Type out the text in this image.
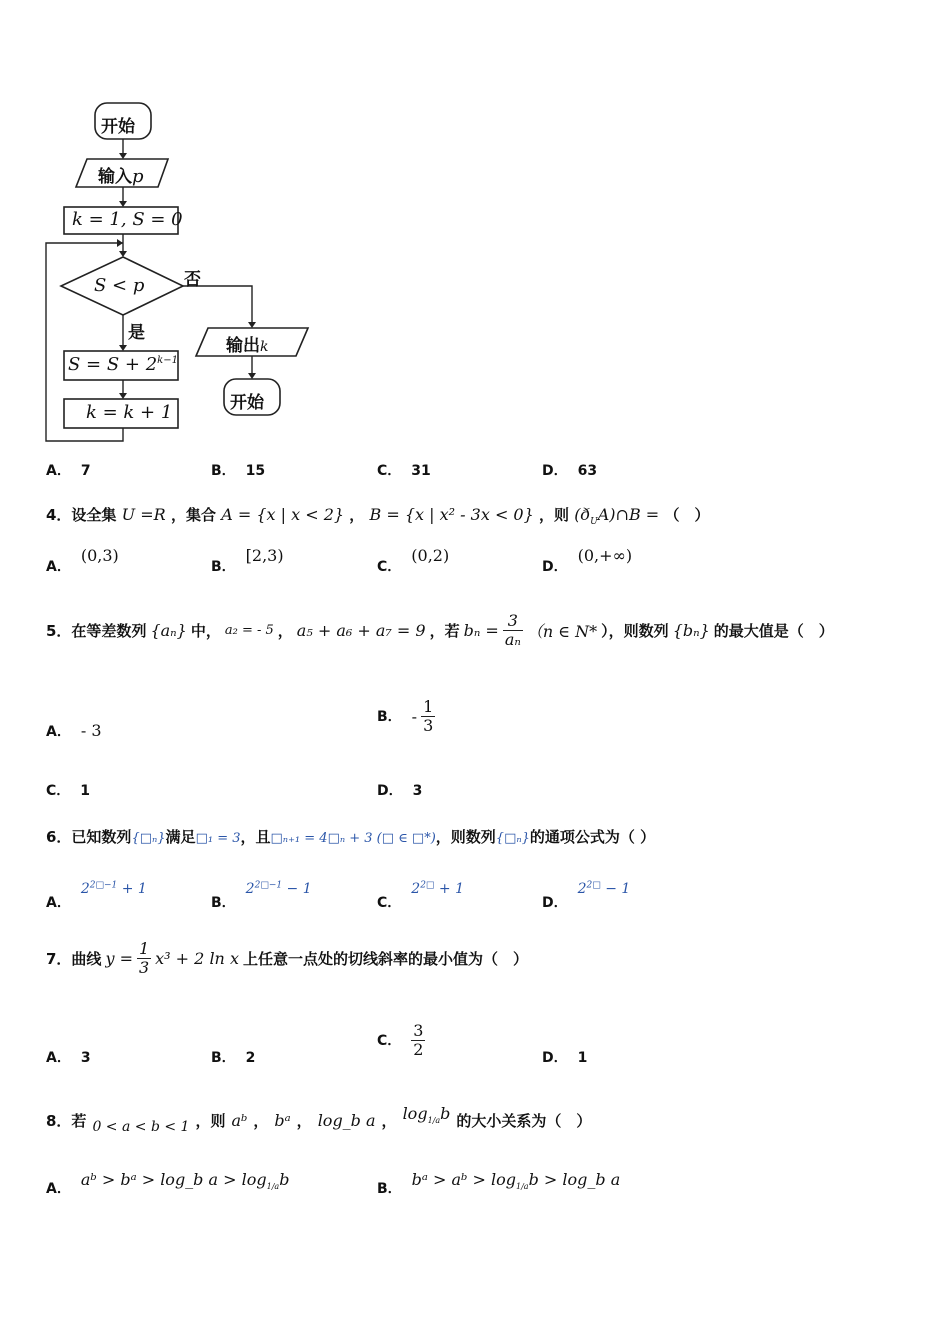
开始
输入p
k = 1, S = 0
S < p 否
是
$S = S + 2^{k-1}$
k = k + 1
输出k
开始
A． 7	B． 15	C． 31	D． 63
4．设全集 U =R ，集合 A = {x | x < 2} ， B = {x | x² - 3x < 0} ，则 $(ð_UA)\cap B$ = （　）
A．(0,3)
B．[2,3)
C．(0,2)
D．(0,+∞)
5．在等差数列 {aₙ} 中， a₂ = - 5 ， a₅ + a₆ + a₇ = 9 ，若 $b_n = \frac{3}{\text{aₙ}} (n$ ∈ N* ），则数列 {bₙ} 的最大值是（　）
A． - 3
B． - $\frac{1}{3}$
C． 1	D． 3
6．已知数列{□ₙ}满足□₁ = 3，且□ₙ₊₁ = 4□ₙ + 3 (□ ∈ □*)，则数列{□ₙ}的通项公式为（ ）
A．$2^{2□-1} + 1$
B．$2^{2□-1} - 1$
C．$2^{2□} + 1$
D．$2^{2□} - 1$
7．曲线 $y = \frac{1}{3} x^3 + 2$ ln x 上任意一点处的切线斜率的最小值为（　）
A． 3	B． 2
C． $\frac{3}{2}$	D． 1
8．若 0 < a < b < 1 ，则 aᵇ ， bᵃ ， log_b a ， $\log_{1/a}b$ 的大小关系为（　）
A． aᵇ > bᵃ > log_b $a > \log_{1/a}b$	B． bᵃ > aᵇ > $\log_{1/a}b$ > log_b a
